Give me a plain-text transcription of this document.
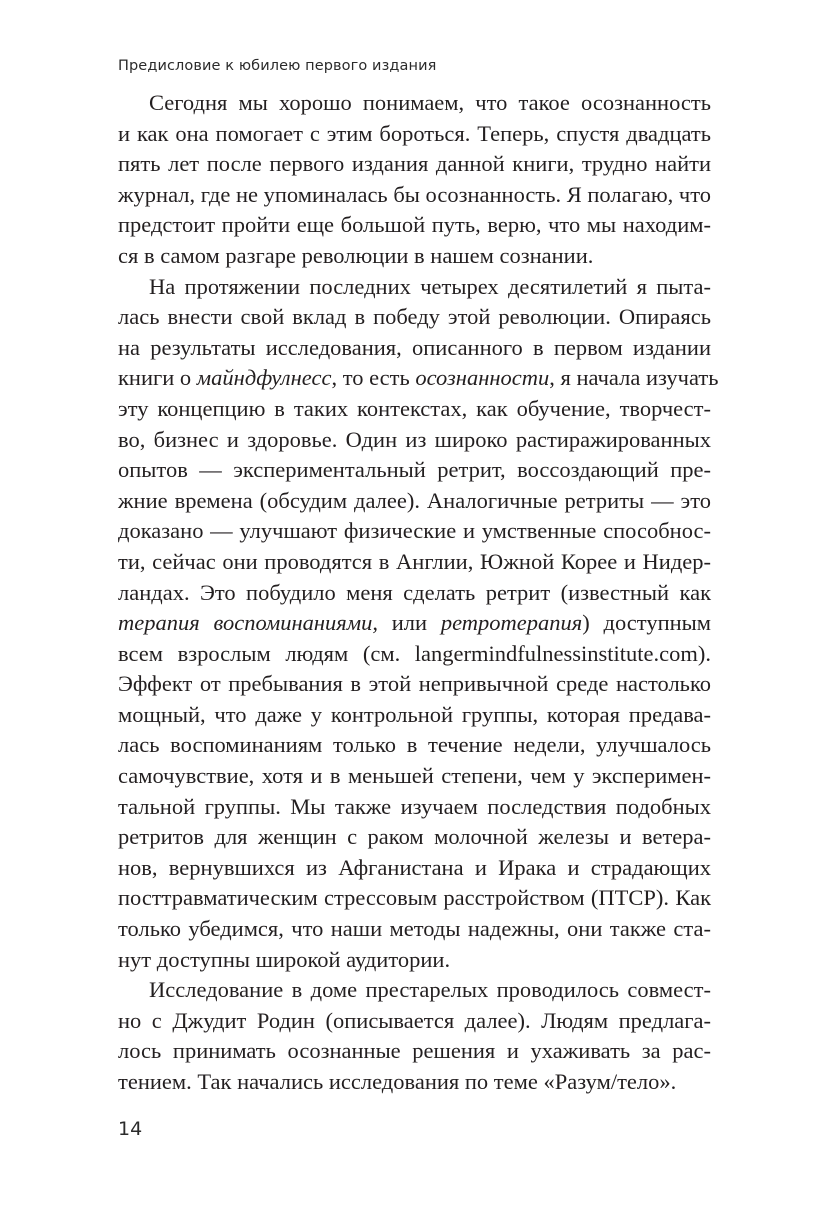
Предисловие к юбилею первого издания

Сегодня мы хорошо понимаем, что такое осознанность
и как она помогает с этим бороться. Теперь, спустя двадцать
пять лет после первого издания данной книги, трудно найти
журнал, где не упоминалась бы осознанность. Я полагаю, что
предстоит пройти еще большой путь, верю, что мы находим-
ся в самом разгаре революции в нашем сознании.

На протяжении последних четырех десятилетий я пыта-
лась внести свой вклад в победу этой революции. Опираясь
на результаты исследования, описанного в первом издании
книги о майндфулнесс, то есть осознанности, я начала изучать
эту концепцию в таких контекстах, как обучение, творчест-
во, бизнес и здоровье. Один из широко растиражированных
опытов — экспериментальный ретрит, воссоздающий пре-
жние времена (обсудим далее). Аналогичные ретриты — это
доказано — улучшают физические и умственные способнос-
ти, сейчас они проводятся в Англии, Южной Корее и Нидер-
ландах. Это побудило меня сделать ретрит (известный как
терапия воспоминаниями, или ретротерапия) доступным
всем взрослым людям (см. langermindfulnessinstitute.com).
Эффект от пребывания в этой непривычной среде настолько
мощный, что даже у контрольной группы, которая предава-
лась воспоминаниям только в течение недели, улучшалось
самочувствие, хотя и в меньшей степени, чем у эксперимен-
тальной группы. Мы также изучаем последствия подобных
ретритов для женщин с раком молочной железы и ветера-
нов, вернувшихся из Афганистана и Ирака и страдающих
посттравматическим стрессовым расстройством (ПТСР). Как
только убедимся, что наши методы надежны, они также ста-
нут доступны широкой аудитории.

Исследование в доме престарелых проводилось совмест-
но с Джудит Родин (описывается далее). Людям предлага-
лось принимать осознанные решения и ухаживать за рас-
тением. Так начались исследования по теме «Разум/тело».

14
